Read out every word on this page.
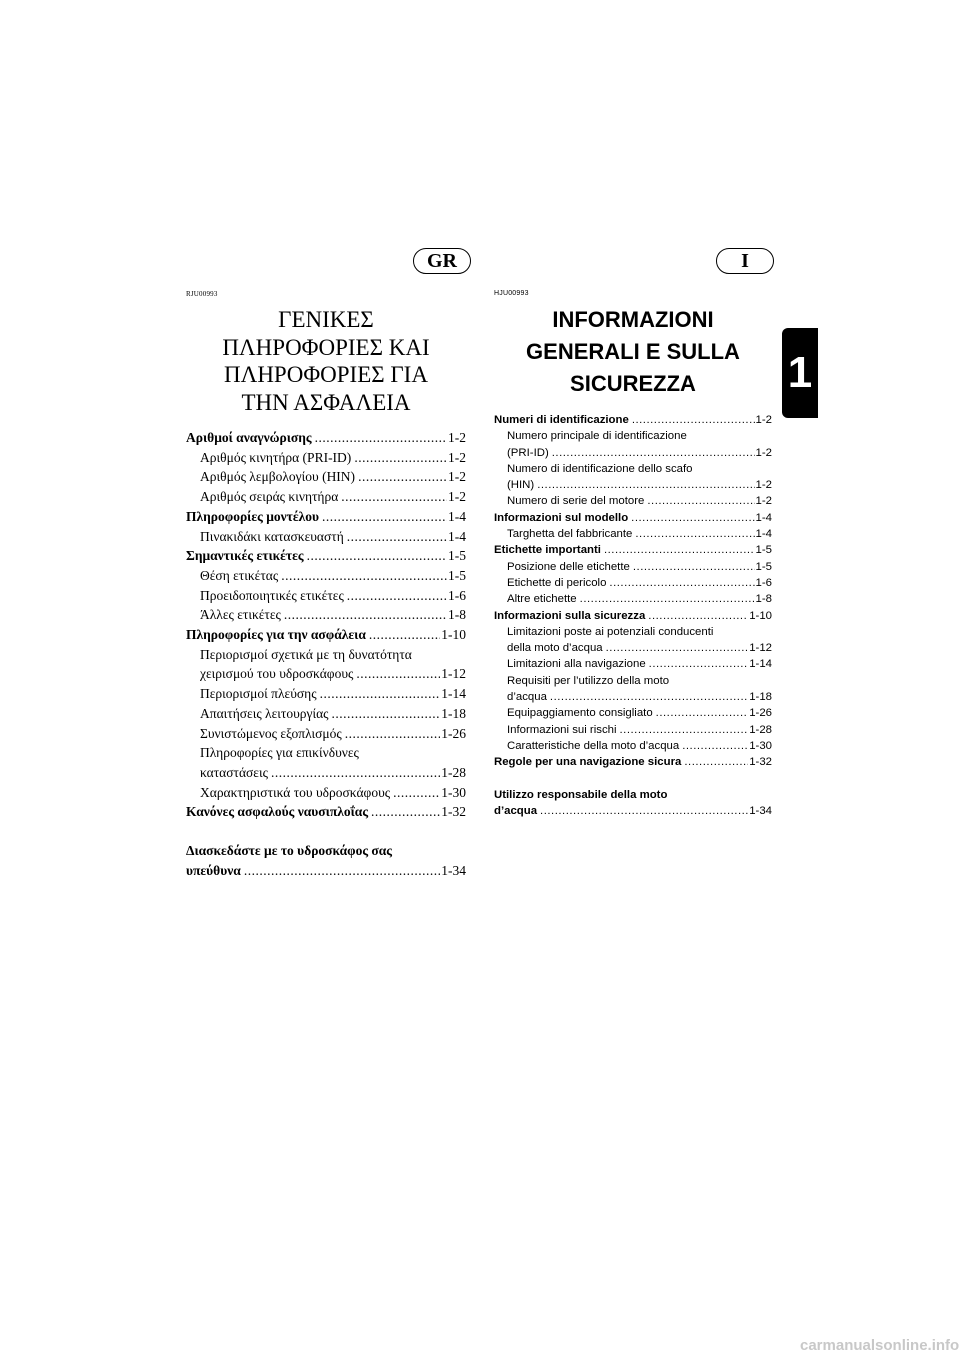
GR	I
1
RJU00993
ΓΕΝΙΚΕΣ
ΠΛΗΡΟΦΟΡΙΕΣ ΚΑΙ
ΠΛΗΡΟΦΟΡΙΕΣ ΓΙΑ
ΤΗΝ ΑΣΦΑΛΕΙΑ
Αριθμοί αναγνώρισης .....	1-2
Αριθμός κινητήρα (PRI-ID) .....	1-2
Αριθμός λεμβολογίου (HIN) .....	1-2
Αριθμός σειράς κινητήρα .....	1-2
Πληροφορίες μοντέλου .....	1-4
Πινακιδάκι κατασκευαστή .....	1-4
Σημαντικές ετικέτες .....	1-5
Θέση ετικέτας .....	1-5
Προειδοποιητικές ετικέτες .....	1-6
Άλλες ετικέτες .....	1-8
Πληροφορίες για την ασφάλεια .....	1-10
Περιορισμοί σχετικά με τη δυνατότητα
χειρισμού του υδροσκάφους .....	1-12
Περιορισμοί πλεύσης .....	1-14
Απαιτήσεις λειτουργίας .....	1-18
Συνιστώμενος εξοπλισμός .....	1-26
Πληροφορίες για επικίνδυνες
καταστάσεις .....	1-28
Χαρακτηριστικά του υδροσκάφους .....	1-30
Κανόνες ασφαλούς ναυσιπλοΐας .....	1-32
Διασκεδάστε με το υδροσκάφος σας
υπεύθυνα .....	1-34
HJU00993
INFORMAZIONI
GENERALI E SULLA
SICUREZZA
Numeri di identificazione .....	1-2
Numero principale di identificazione
(PRI-ID) .....	1-2
Numero di identificazione dello scafo
(HIN) .....	1-2
Numero di serie del motore .....	1-2
Informazioni sul modello .....	1-4
Targhetta del fabbricante .....	1-4
Etichette importanti .....	1-5
Posizione delle etichette .....	1-5
Etichette di pericolo .....	1-6
Altre etichette .....	1-8
Informazioni sulla sicurezza .....	1-10
Limitazioni poste ai potenziali conducenti
della moto d’acqua .....	1-12
Limitazioni alla navigazione .....	1-14
Requisiti per l’utilizzo della moto
d’acqua .....	1-18
Equipaggiamento consigliato .....	1-26
Informazioni sui rischi .....	1-28
Caratteristiche della moto d’acqua .....	1-30
Regole per una navigazione sicura .....	1-32
Utilizzo responsabile della moto
d’acqua .....	1-34
carmanualsonline.info
